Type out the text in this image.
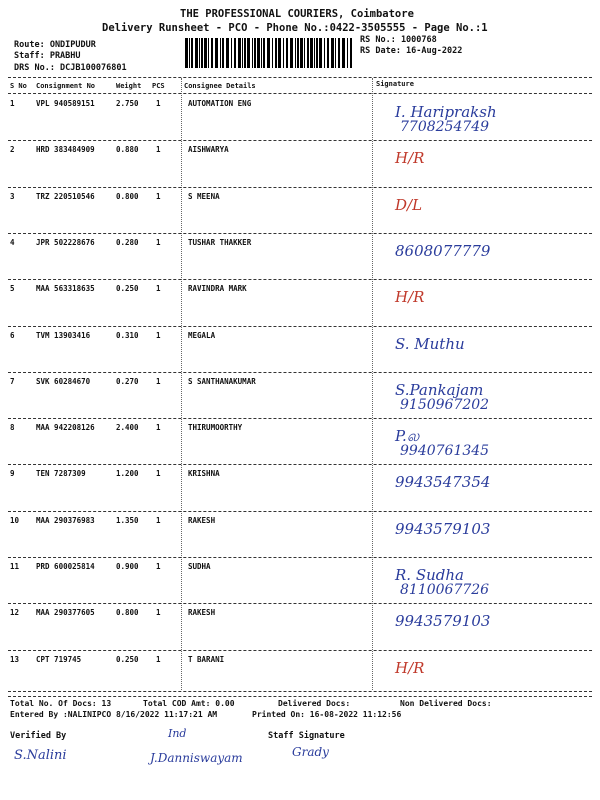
THE PROFESSIONAL COURIERS, Coimbatore
Delivery Runsheet - PCO - Phone No.:0422-3505555 - Page No.:1
Route: ONDIPUDUR
Staff: PRABHU
DRS No.: DCJB100076801
RS No.: 1000768
RS Date: 16-Aug-2022
S No Consignment No	Weight PCS	Consignee Details	Signature
1	VPL 940589151	2.750 1	AUTOMATION ENG	I. Haripraksh
7708254749
2	HRD 383484909	0.880 1	AISHWARYA	H/R
3	TRZ 220510546	0.800 1	S MEENA	D/L
4	JPR 502228676	0.280 1	TUSHAR THAKKER	8608077779
5	MAA 563318635	0.250 1	RAVINDRA MARK	H/R
6	TVM 13903416	0.310 1	MEGALA	S. Muthu
7	SVK 60284670	0.270 1	S SANTHANAKUMAR	S.Pankajam
9150967202
8	MAA 942208126	2.400 1	THIRUMOORTHY	P.ல
9940761345
9	TEN 7287309	1.200 1	KRISHNA	9943547354
10 MAA 290376983	1.350 1	RAKESH	9943579103
11 PRD 600025814	0.900 1	SUDHA	R. Sudha
8110067726
12 MAA 290377605	0.800 1	RAKESH	9943579103
13 CPT 719745	0.250 1	T BARANI	H/R
Total No. Of Docs: 13	Total COD Amt: 0.00	Delivered Docs:	Non Delivered Docs:
Entered By :NALINIPCO 8/16/2022 11:17:21 AM	Printed On: 16-08-2022 11:12:56
Verified By	Staff Signature
S.Nalini
Ind
J.Danniswayam	Grady
